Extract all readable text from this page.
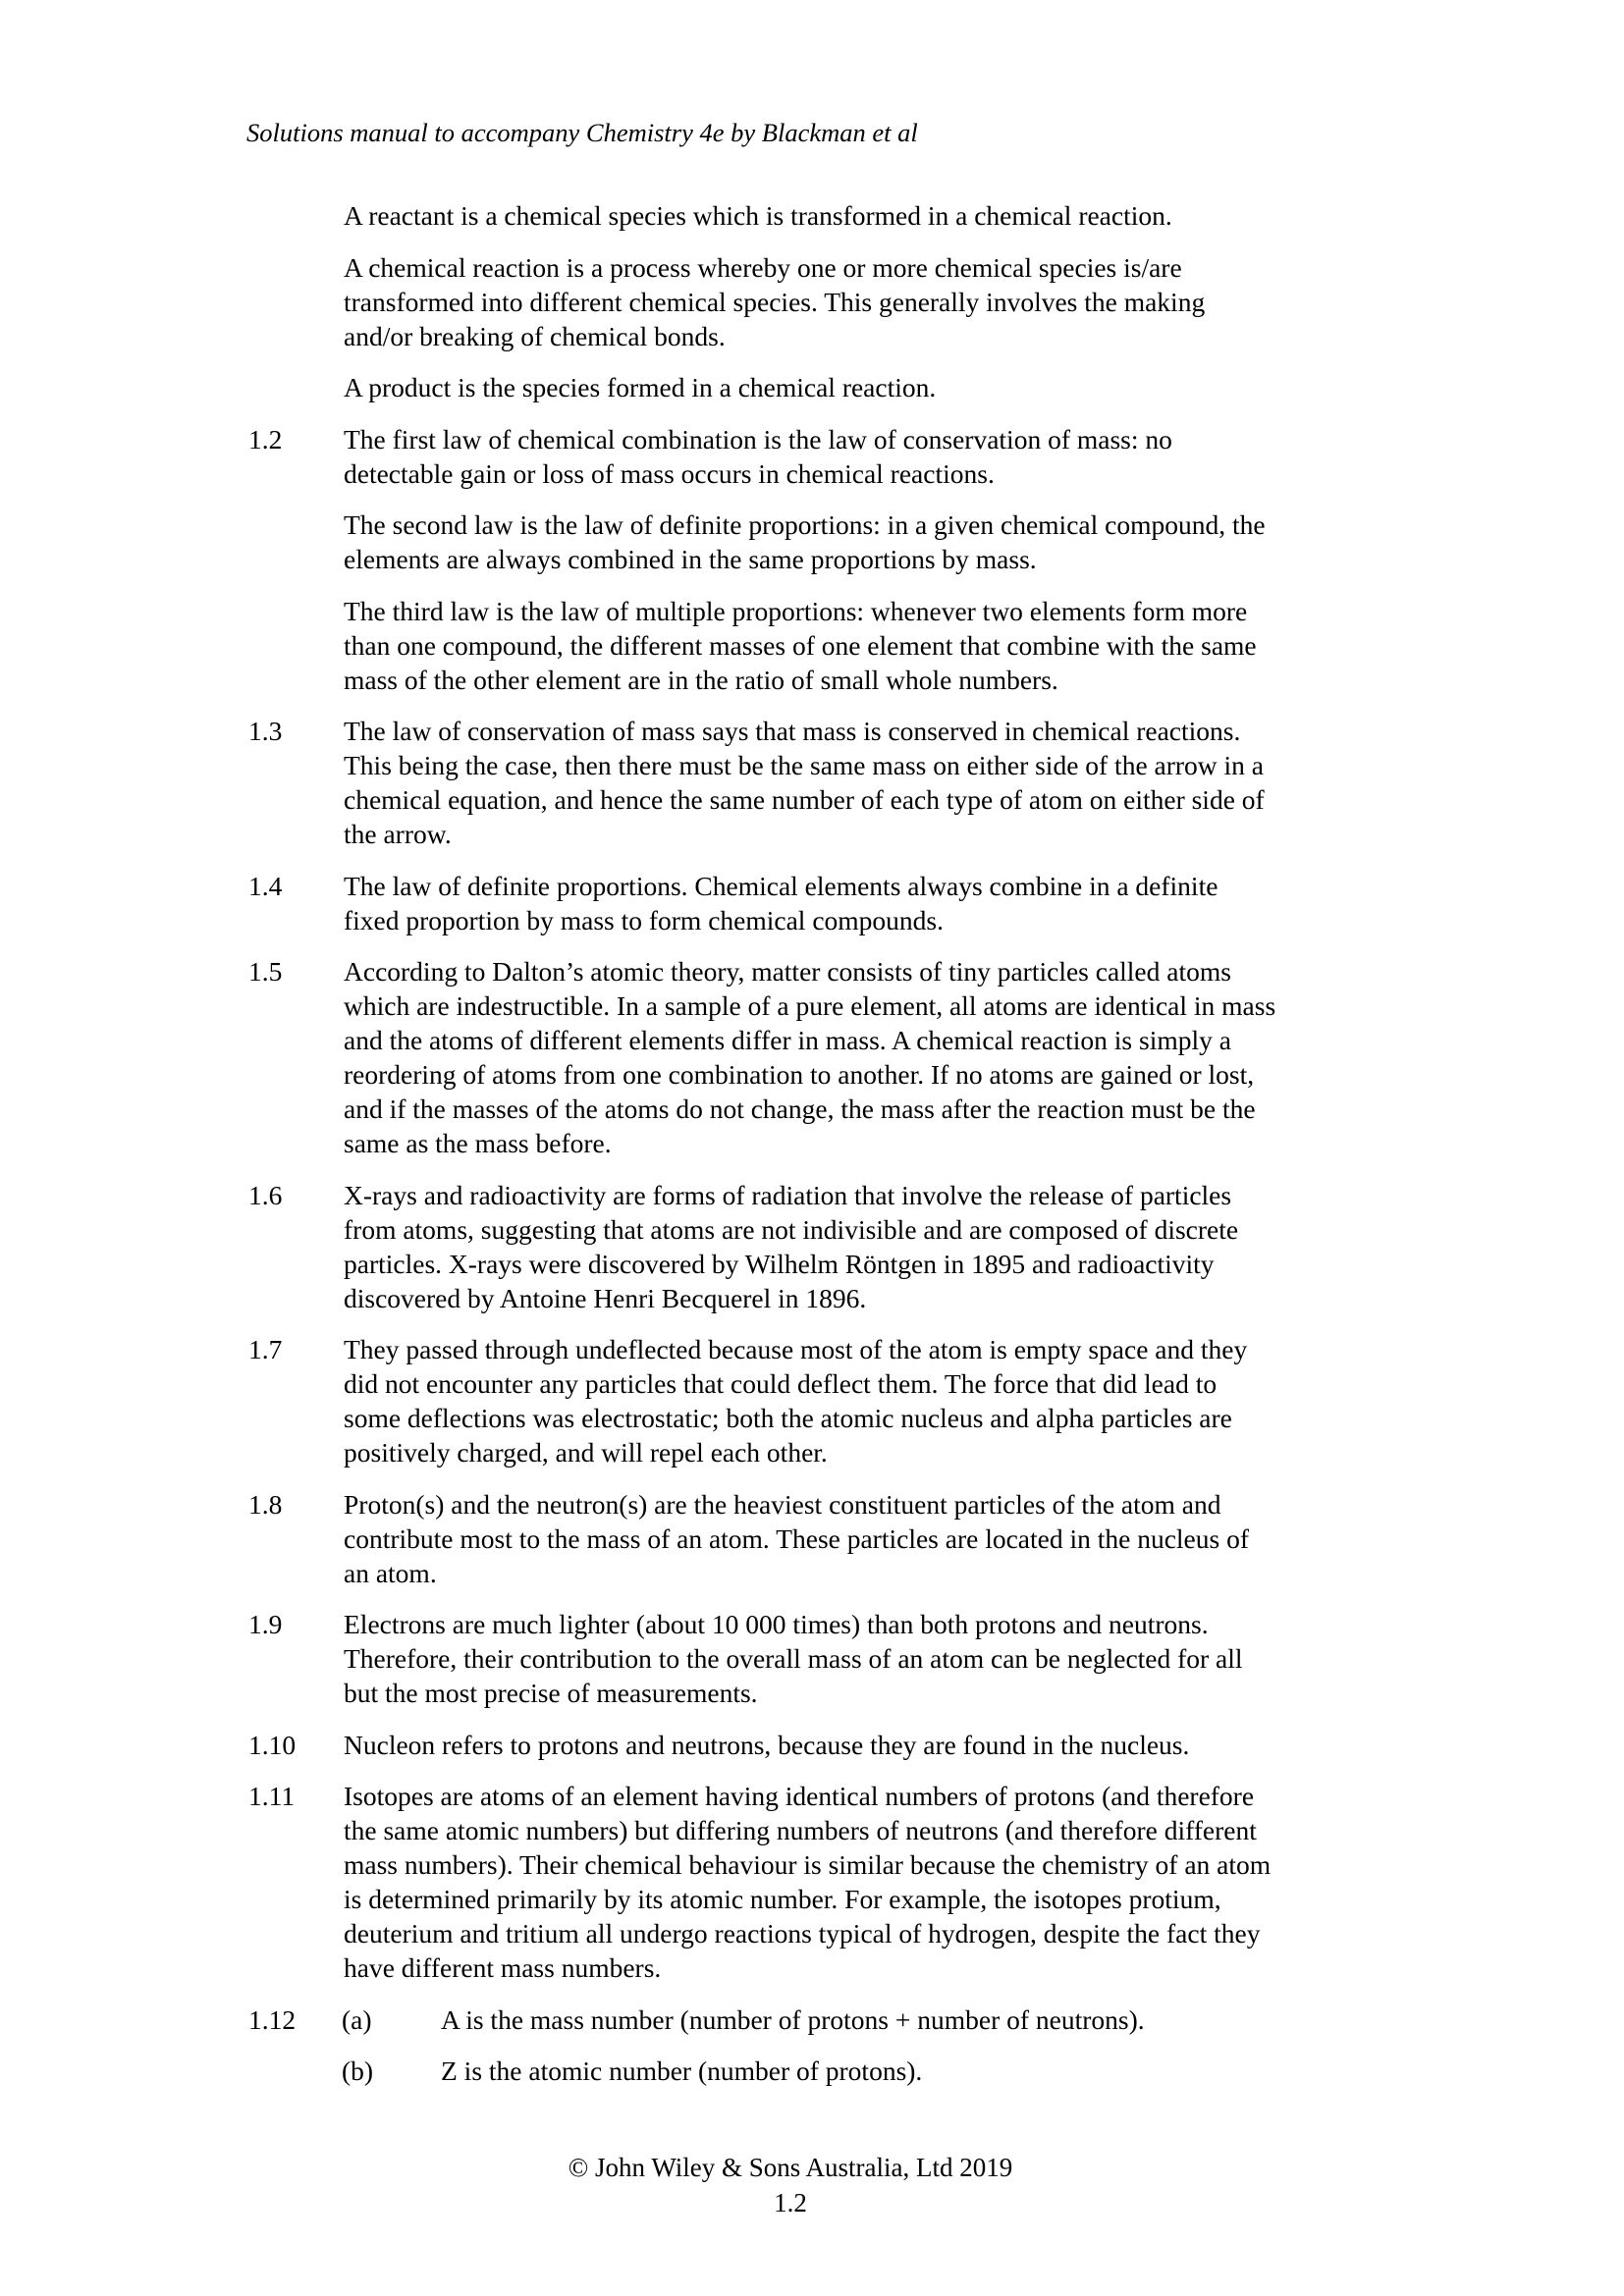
Solutions manual to accompany Chemistry 4e by Blackman et al
A reactant is a chemical species which is transformed in a chemical reaction.
A chemical reaction is a process whereby one or more chemical species is/are
transformed into different chemical species. This generally involves the making
and/or breaking of chemical bonds.
A product is the species formed in a chemical reaction.
1.2 The first law of chemical combination is the law of conservation of mass: no
detectable gain or loss of mass occurs in chemical reactions.
The second law is the law of definite proportions: in a given chemical compound, the
elements are always combined in the same proportions by mass.
The third law is the law of multiple proportions: whenever two elements form more
than one compound, the different masses of one element that combine with the same
mass of the other element are in the ratio of small whole numbers.
1.3 The law of conservation of mass says that mass is conserved in chemical reactions.
This being the case, then there must be the same mass on either side of the arrow in a
chemical equation, and hence the same number of each type of atom on either side of
the arrow.
1.4 The law of definite proportions. Chemical elements always combine in a definite
fixed proportion by mass to form chemical compounds.
1.5 According to Dalton’s atomic theory, matter consists of tiny particles called atoms
which are indestructible. In a sample of a pure element, all atoms are identical in mass
and the atoms of different elements differ in mass. A chemical reaction is simply a
reordering of atoms from one combination to another. If no atoms are gained or lost,
and if the masses of the atoms do not change, the mass after the reaction must be the
same as the mass before.
1.6 X-rays and radioactivity are forms of radiation that involve the release of particles
from atoms, suggesting that atoms are not indivisible and are composed of discrete
particles. X-rays were discovered by Wilhelm Röntgen in 1895 and radioactivity
discovered by Antoine Henri Becquerel in 1896.
1.7 They passed through undeflected because most of the atom is empty space and they
did not encounter any particles that could deflect them. The force that did lead to
some deflections was electrostatic; both the atomic nucleus and alpha particles are
positively charged, and will repel each other.
1.8 Proton(s) and the neutron(s) are the heaviest constituent particles of the atom and
contribute most to the mass of an atom. These particles are located in the nucleus of
an atom.
1.9 Electrons are much lighter (about 10 000 times) than both protons and neutrons.
Therefore, their contribution to the overall mass of an atom can be neglected for all
but the most precise of measurements.
1.10 Nucleon refers to protons and neutrons, because they are found in the nucleus.
1.11 Isotopes are atoms of an element having identical numbers of protons (and therefore
the same atomic numbers) but differing numbers of neutrons (and therefore different
mass numbers). Their chemical behaviour is similar because the chemistry of an atom
is determined primarily by its atomic number. For example, the isotopes protium,
deuterium and tritium all undergo reactions typical of hydrogen, despite the fact they
have different mass numbers.
1.12 (a)	A is the mass number (number of protons + number of neutrons).
(b)	Z is the atomic number (number of protons).
© John Wiley & Sons Australia, Ltd 2019
1.2
